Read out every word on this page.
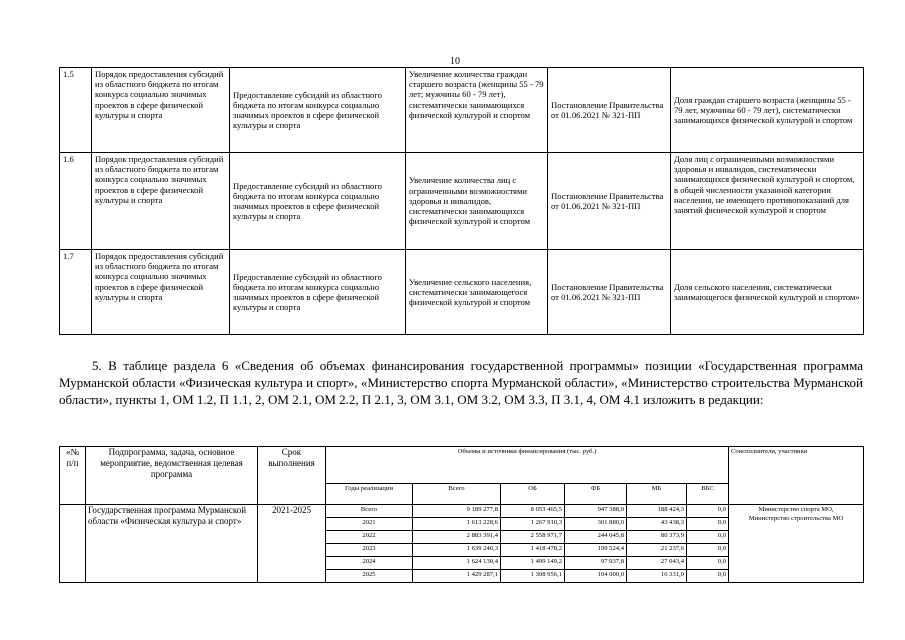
10
1.5	Порядок предоставления субсидий из областного бюджета по итогам конкурса социально значимых проектов в сфере физической культуры и спорта	Предоставление субсидий из областного бюджета по итогам конкурса социально значимых проектов в сфере физической культуры и спорта	Увеличение количества граждан старшего возраста (женщины 55 - 79 лет; мужчины 60 - 79 лет), систематически занимающихся физической культурой и спортом	Постановление Правительства от 01.06.2021 № 321-ПП	Доля граждан старшего возраста (женщины 55 - 79 лет, мужчины 60 - 79 лет), систематически занимающихся физической культурой и спортом
1.6	Порядок предоставления субсидий из областного бюджета по итогам конкурса социально значимых проектов в сфере физической культуры и спорта	Предоставление субсидий из областного бюджета по итогам конкурса социально значимых проектов в сфере физической культуры и спорта	Увеличение количества лиц с ограниченными возможностями здоровья и инвалидов, систематически занимающихся физической культурой и спортом	Постановление Правительства от 01.06.2021 № 321-ПП	Доля лиц с ограниченными возможностями здоровья и инвалидов, систематически занимающихся физической культурой и спортом, в общей численности указанной категории населения, не имеющего противопоказаний для занятий физической культурой и спортом
1.7	Порядок предоставления субсидий из областного бюджета по итогам конкурса социально значимых проектов в сфере физической культуры и спорта	Предоставление субсидий из областного бюджета по итогам конкурса социально значимых проектов в сфере физической культуры и спорта	Увеличение сельского населения, систематически занимающегося физической культурой и спортом	Постановление Правительства от 01.06.2021 № 321-ПП	Доля сельского населения, систематически занимающегося физической культурой и спортом»
5. В таблице раздела 6 «Сведения об объемах финансирования государственной программы» позиции «Государственная программа Мурманской области «Физическая культура и спорт», «Министерство спорта Мурманской области», «Министерство строительства Мурманской области», пункты 1, ОМ 1.2, П 1.1, 2, ОМ 2.1, ОМ 2.2, П 2.1, 3, ОМ 3.1, ОМ 3.2, ОМ 3.3, П 3.1, 4, ОМ 4.1 изложить в редакции:
«№ п/п	Подпрограмма, задача, основное мероприятие, ведомственная целевая программа	Срок выполнения	Объемы и источники финансирования (тыс. руб.)						Соисполнители, участники
			Годы реализации	Всего	ОБ	ФБ	МБ	ВБС	
	Государственная программа Мурманской области «Физическая культура и спорт»	2021-2025	Всего	9 189 277,8	8 053 465,5	947 388,0	188 424,3	0,0	Министерство спорта МО,
Министерство строительства МО

			2021	1 613 228,6	1 267 910,3	301 880,0	43 438,3	0,0	
			2022	2 883 391,4	2 558 971,7	244 045,8	80 373,9	0,0	
			2023	1 639 240,3	1 418 478,2	199 524,4	21 237,6	0,0	
			2024	1 624 130,4	1 499 149,2	97 937,8	27 043,4	0,0	
			2025	1 429 287,1	1 308 956,1	104 000,0	16 331,0	0,0	
